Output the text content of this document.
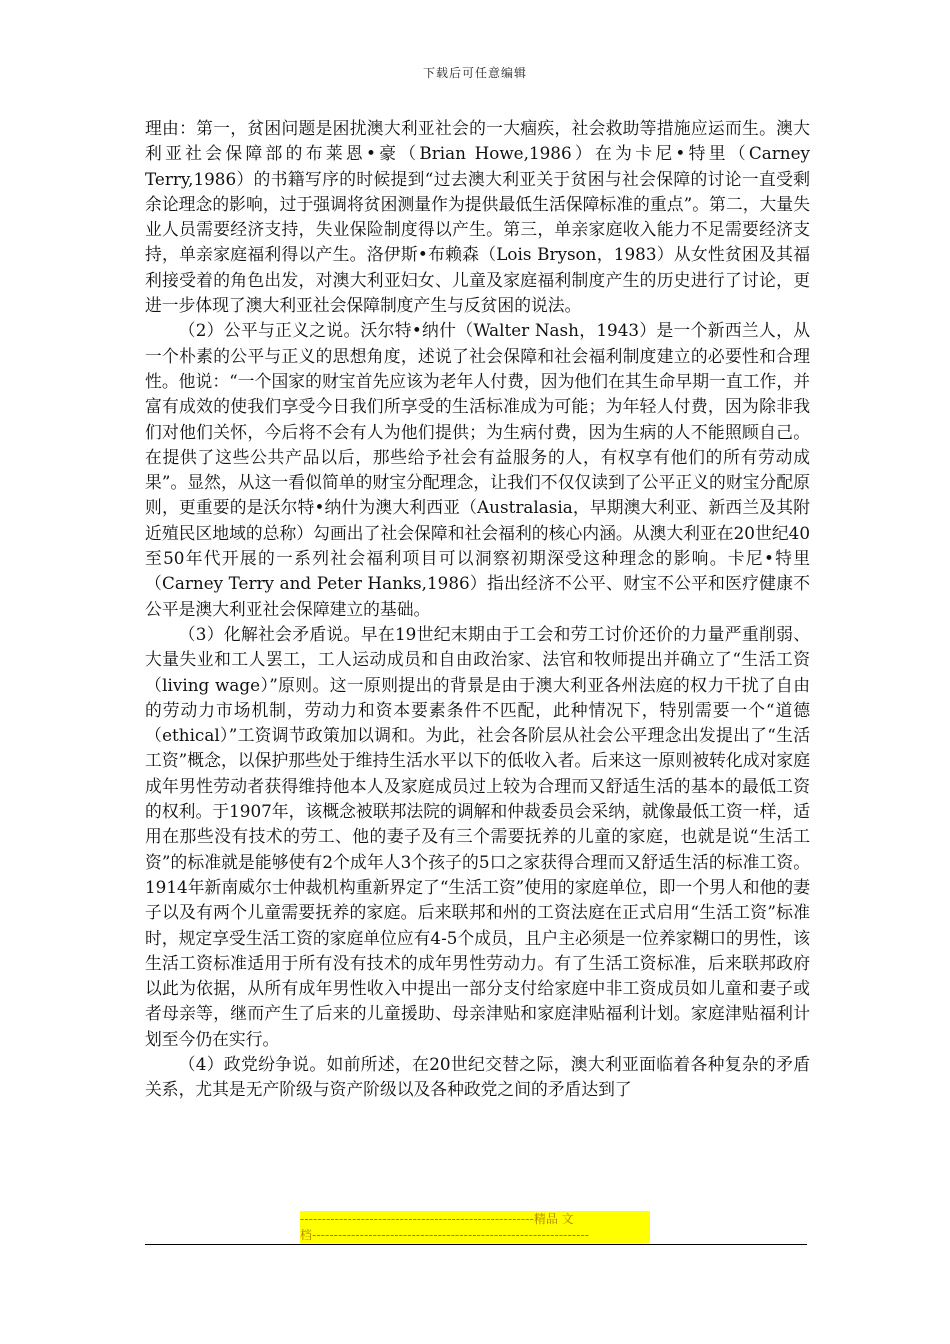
下载后可任意编辑

理由：第一，贫困问题是困扰澳大利亚社会的一大痼疾，社会救助等措施应运而生。澳大利亚社会保障部的布莱恩•豪（Brian Howe,1986）在为卡尼•特里（Carney Terry,1986）的书籍写序的时候提到“过去澳大利亚关于贫困与社会保障的讨论一直受剩余论理念的影响，过于强调将贫困测量作为提供最低生活保障标准的重点”。第二，大量失业人员需要经济支持，失业保险制度得以产生。第三，单亲家庭收入能力不足需要经济支持，单亲家庭福利得以产生。洛伊斯•布赖森（Lois Bryson，1983）从女性贫困及其福利接受着的角色出发，对澳大利亚妇女、儿童及家庭福利制度产生的历史进行了讨论，更进一步体现了澳大利亚社会保障制度产生与反贫困的说法。

（2）公平与正义之说。沃尔特•纳什（Walter Nash，1943）是一个新西兰人，从一个朴素的公平与正义的思想角度，述说了社会保障和社会福利制度建立的必要性和合理性。他说：“一个国家的财宝首先应该为老年人付费，因为他们在其生命早期一直工作，并富有成效的使我们享受今日我们所享受的生活标准成为可能；为年轻人付费，因为除非我们对他们关怀，今后将不会有人为他们提供；为生病付费，因为生病的人不能照顾自己。在提供了这些公共产品以后，那些给予社会有益服务的人，有权享有他们的所有劳动成果”。显然，从这一看似简单的财宝分配理念，让我们不仅仅读到了公平正义的财宝分配原则，更重要的是沃尔特•纳什为澳大利西亚（Australasia，早期澳大利亚、新西兰及其附近殖民区地域的总称）勾画出了社会保障和社会福利的核心内涵。从澳大利亚在20世纪40至50年代开展的一系列社会福利项目可以洞察初期深受这种理念的影响。卡尼•特里（Carney Terry and Peter Hanks,1986）指出经济不公平、财宝不公平和医疗健康不公平是澳大利亚社会保障建立的基础。

（3）化解社会矛盾说。早在19世纪末期由于工会和劳工讨价还价的力量严重削弱、大量失业和工人罢工，工人运动成员和自由政治家、法官和牧师提出并确立了“生活工资（living wage）”原则。这一原则提出的背景是由于澳大利亚各州法庭的权力干扰了自由的劳动力市场机制，劳动力和资本要素条件不匹配，此种情况下，特别需要一个“道德（ethical）”工资调节政策加以调和。为此，社会各阶层从社会公平理念出发提出了“生活工资”概念，以保护那些处于维持生活水平以下的低收入者。后来这一原则被转化成对家庭成年男性劳动者获得维持他本人及家庭成员过上较为合理而又舒适生活的基本的最低工资的权利。于1907年，该概念被联邦法院的调解和仲裁委员会采纳，就像最低工资一样，适用在那些没有技术的劳工、他的妻子及有三个需要抚养的儿童的家庭，也就是说“生活工资”的标准就是能够使有2个成年人3个孩子的5口之家获得合理而又舒适生活的标准工资。1914年新南威尔士仲裁机构重新界定了“生活工资”使用的家庭单位，即一个男人和他的妻子以及有两个儿童需要抚养的家庭。后来联邦和州的工资法庭在正式启用“生活工资”标准时，规定享受生活工资的家庭单位应有4-5个成员，且户主必须是一位养家糊口的男性，该生活工资标准适用于所有没有技术的成年男性劳动力。有了生活工资标准，后来联邦政府以此为依据，从所有成年男性收入中提出一部分支付给家庭中非工资成员如儿童和妻子或者母亲等，继而产生了后来的儿童援助、母亲津贴和家庭津贴福利计划。家庭津贴福利计划至今仍在实行。

（4）政党纷争说。如前所述，在20世纪交替之际，澳大利亚面临着各种复杂的矛盾关系，尤其是无产阶级与资产阶级以及各种政党之间的矛盾达到了

------------------------------------------------------精品 文
档----------------------------------------------------------------
